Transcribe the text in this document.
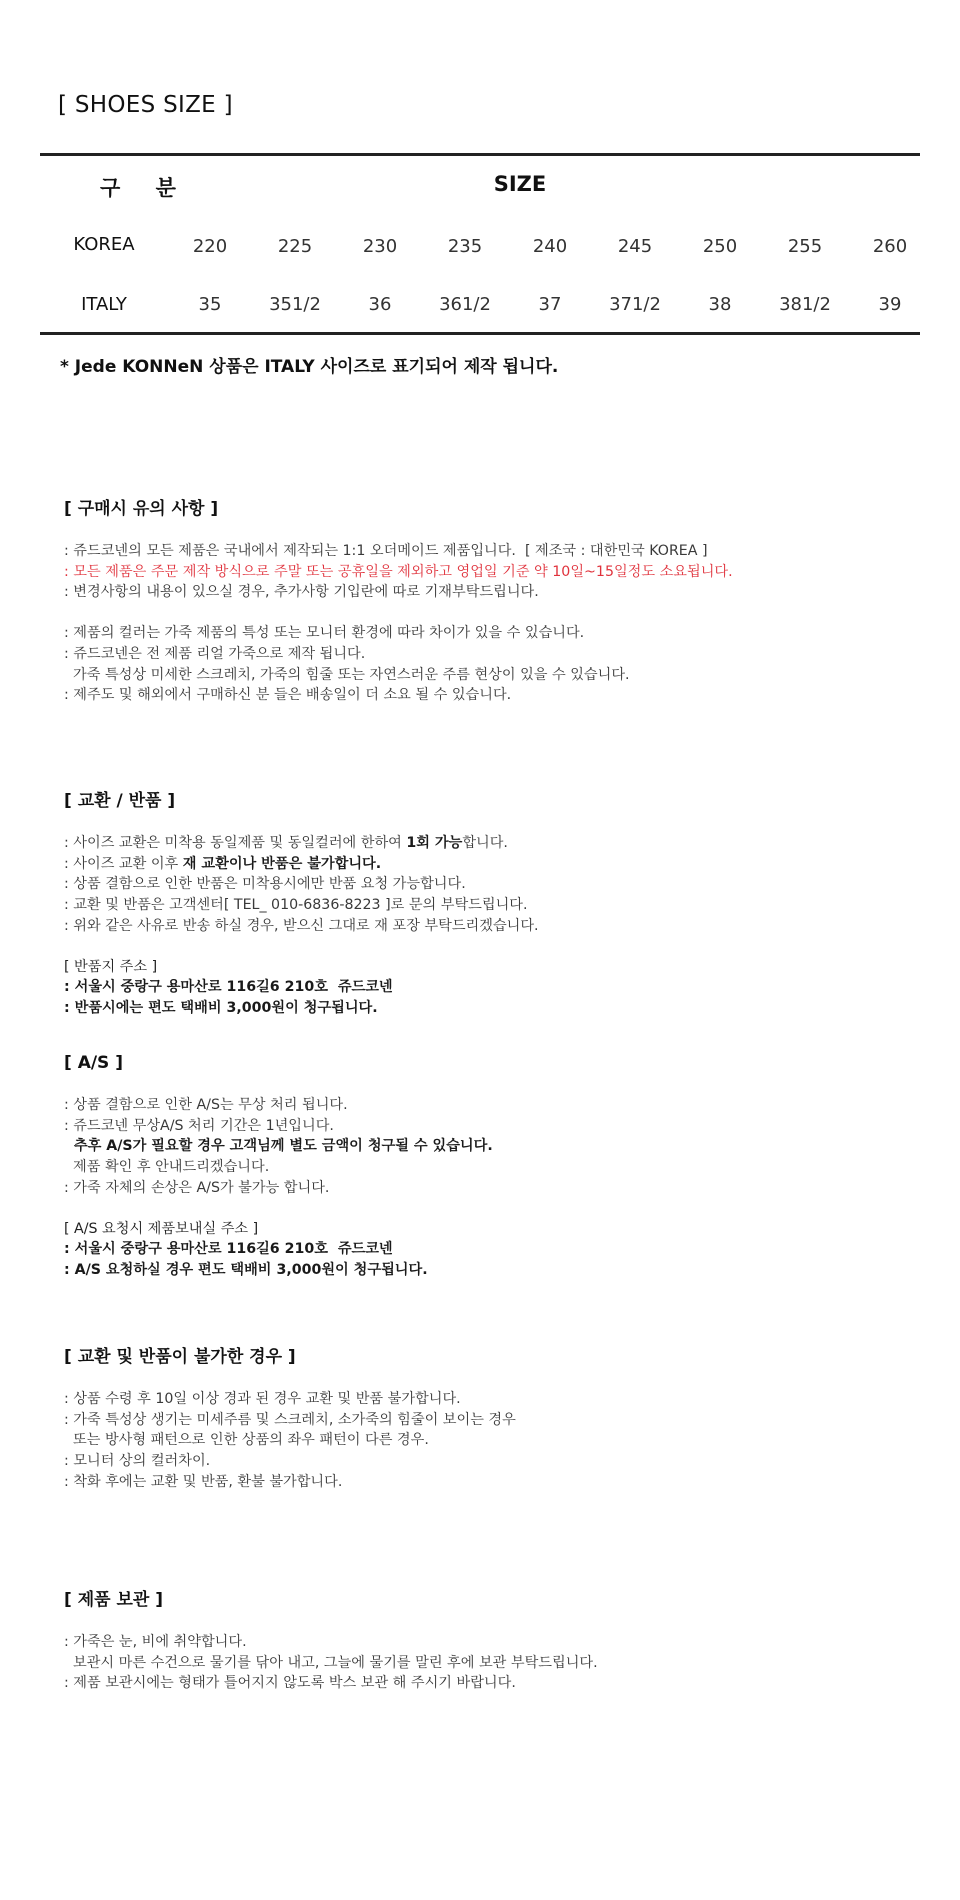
[ SHOES SIZE ]
구 분	SIZE
KOREA	220	225	230	235	240	245	250	255	260
ITALY	35	351/2	36	361/2	37	371/2	38	381/2	39
* Jede KONNeN 상품은 ITALY 사이즈로 표기되어 제작 됩니다.
[ 구매시 유의 사항 ]
: 쥬드코넨의 모든 제품은 국내에서 제작되는 1:1 오더메이드 제품입니다.  [ 제조국 : 대한민국 KOREA ]
: 모든 제품은 주문 제작 방식으로 주말 또는 공휴일을 제외하고 영업일 기준 약 10일~15일정도 소요됩니다.
: 변경사항의 내용이 있으실 경우, 추가사항 기입란에 따로 기재부탁드립니다.
: 제품의 컬러는 가죽 제품의 특성 또는 모니터 환경에 따라 차이가 있을 수 있습니다.
: 쥬드코넨은 전 제품 리얼 가죽으로 제작 됩니다.
가죽 특성상 미세한 스크레치, 가죽의 힘줄 또는 자연스러운 주름 현상이 있을 수 있습니다.
: 제주도 및 해외에서 구매하신 분 들은 배송일이 더 소요 될 수 있습니다.
[ 교환 / 반품 ]
: 사이즈 교환은 미착용 동일제품 및 동일컬러에 한하여 1회 가능합니다.
: 사이즈 교환 이후 재 교환이나 반품은 불가합니다.
: 상품 결함으로 인한 반품은 미착용시에만 반품 요청 가능합니다.
: 교환 및 반품은 고객센터[ TEL_ 010-6836-8223 ]로 문의 부탁드립니다.
: 위와 같은 사유로 반송 하실 경우, 받으신 그대로 재 포장 부탁드리겠습니다.
[ 반품지 주소 ]
: 서울시 중랑구 용마산로 116길6 210호  쥬드코넨
: 반품시에는 편도 택배비 3,000원이 청구됩니다.
[ A/S ]
: 상품 결함으로 인한 A/S는 무상 처리 됩니다.
: 쥬드코넨 무상A/S 처리 기간은 1년입니다.
추후 A/S가 필요할 경우 고객님께 별도 금액이 청구될 수 있습니다.
제품 확인 후 안내드리겠습니다.
: 가죽 자체의 손상은 A/S가 불가능 합니다.
[ A/S 요청시 제품보내실 주소 ]
: 서울시 중랑구 용마산로 116길6 210호  쥬드코넨
: A/S 요청하실 경우 편도 택배비 3,000원이 청구됩니다.
[ 교환 및 반품이 불가한 경우 ]
: 상품 수령 후 10일 이상 경과 된 경우 교환 및 반품 불가합니다.
: 가죽 특성상 생기는 미세주름 및 스크레치, 소가죽의 힘줄이 보이는 경우
또는 방사형 패턴으로 인한 상품의 좌우 패턴이 다른 경우.
: 모니터 상의 컬러차이.
: 착화 후에는 교환 및 반품, 환불 불가합니다.
[ 제품 보관 ]
: 가죽은 눈, 비에 취약합니다.
보관시 마른 수건으로 물기를 닦아 내고, 그늘에 물기를 말린 후에 보관 부탁드립니다.
: 제품 보관시에는 형태가 틀어지지 않도록 박스 보관 해 주시기 바랍니다.
